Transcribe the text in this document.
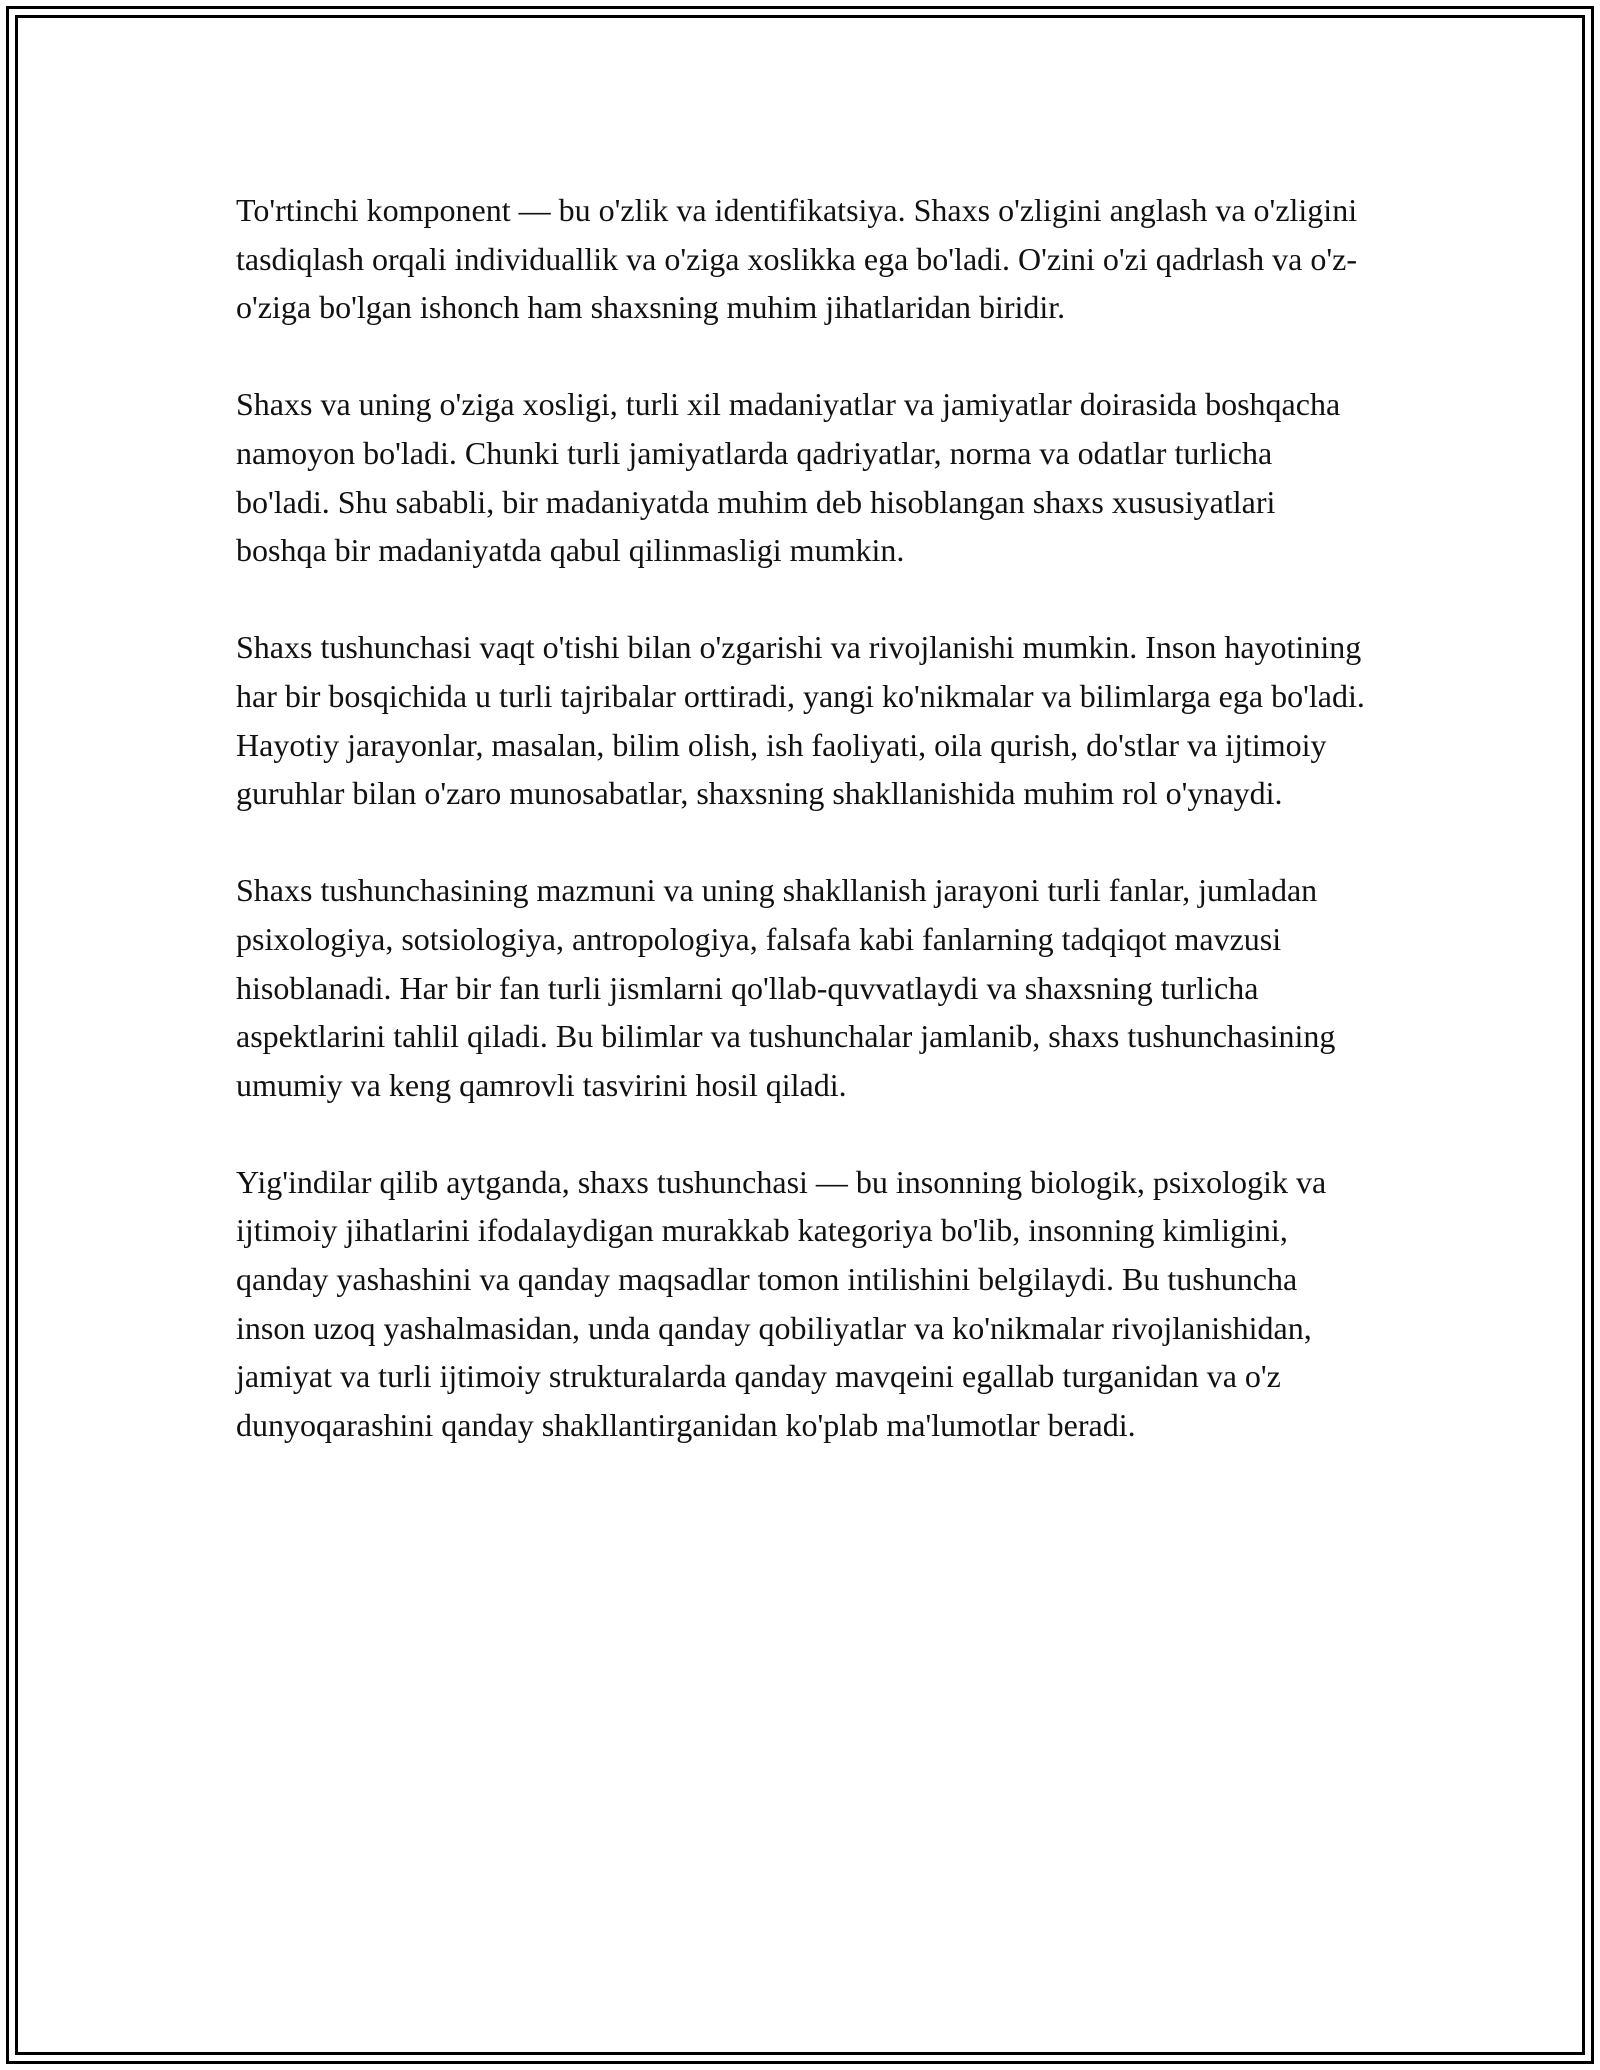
To'rtinchi komponent — bu o'zlik va identifikatsiya. Shaxs o'zligini anglash va o'zligini tasdiqlash orqali individuallik va o'ziga xoslikka ega bo'ladi. O'zini o'zi qadrlash va o'z-o'ziga bo'lgan ishonch ham shaxsning muhim jihatlaridan biridir.

Shaxs va uning o'ziga xosligi, turli xil madaniyatlar va jamiyatlar doirasida boshqacha namoyon bo'ladi. Chunki turli jamiyatlarda qadriyatlar, norma va odatlar turlicha bo'ladi. Shu sababli, bir madaniyatda muhim deb hisoblangan shaxs xususiyatlari boshqa bir madaniyatda qabul qilinmasligi mumkin.

Shaxs tushunchasi vaqt o'tishi bilan o'zgarishi va rivojlanishi mumkin. Inson hayotining har bir bosqichida u turli tajribalar orttiradi, yangi ko'nikmalar va bilimlarga ega bo'ladi. Hayotiy jarayonlar, masalan, bilim olish, ish faoliyati, oila qurish, do'stlar va ijtimoiy guruhlar bilan o'zaro munosabatlar, shaxsning shakllanishida muhim rol o'ynaydi.

Shaxs tushunchasining mazmuni va uning shakllanish jarayoni turli fanlar, jumladan psixologiya, sotsiologiya, antropologiya, falsafa kabi fanlarning tadqiqot mavzusi hisoblanadi. Har bir fan turli jismlarni qo'llab-quvvatlaydi va shaxsning turlicha aspektlarini tahlil qiladi. Bu bilimlar va tushunchalar jamlanib, shaxs tushunchasining umumiy va keng qamrovli tasvirini hosil qiladi.

Yig'indilar qilib aytganda, shaxs tushunchasi — bu insonning biologik, psixologik va ijtimoiy jihatlarini ifodalaydigan murakkab kategoriya bo'lib, insonning kimligini, qanday yashashini va qanday maqsadlar tomon intilishini belgilaydi. Bu tushuncha inson uzoq yashalmasidan, unda qanday qobiliyatlar va ko'nikmalar rivojlanishidan, jamiyat va turli ijtimoiy strukturalarda qanday mavqeini egallab turganidan va o'z dunyoqarashini qanday shakllantirganidan ko'plab ma'lumotlar beradi.
